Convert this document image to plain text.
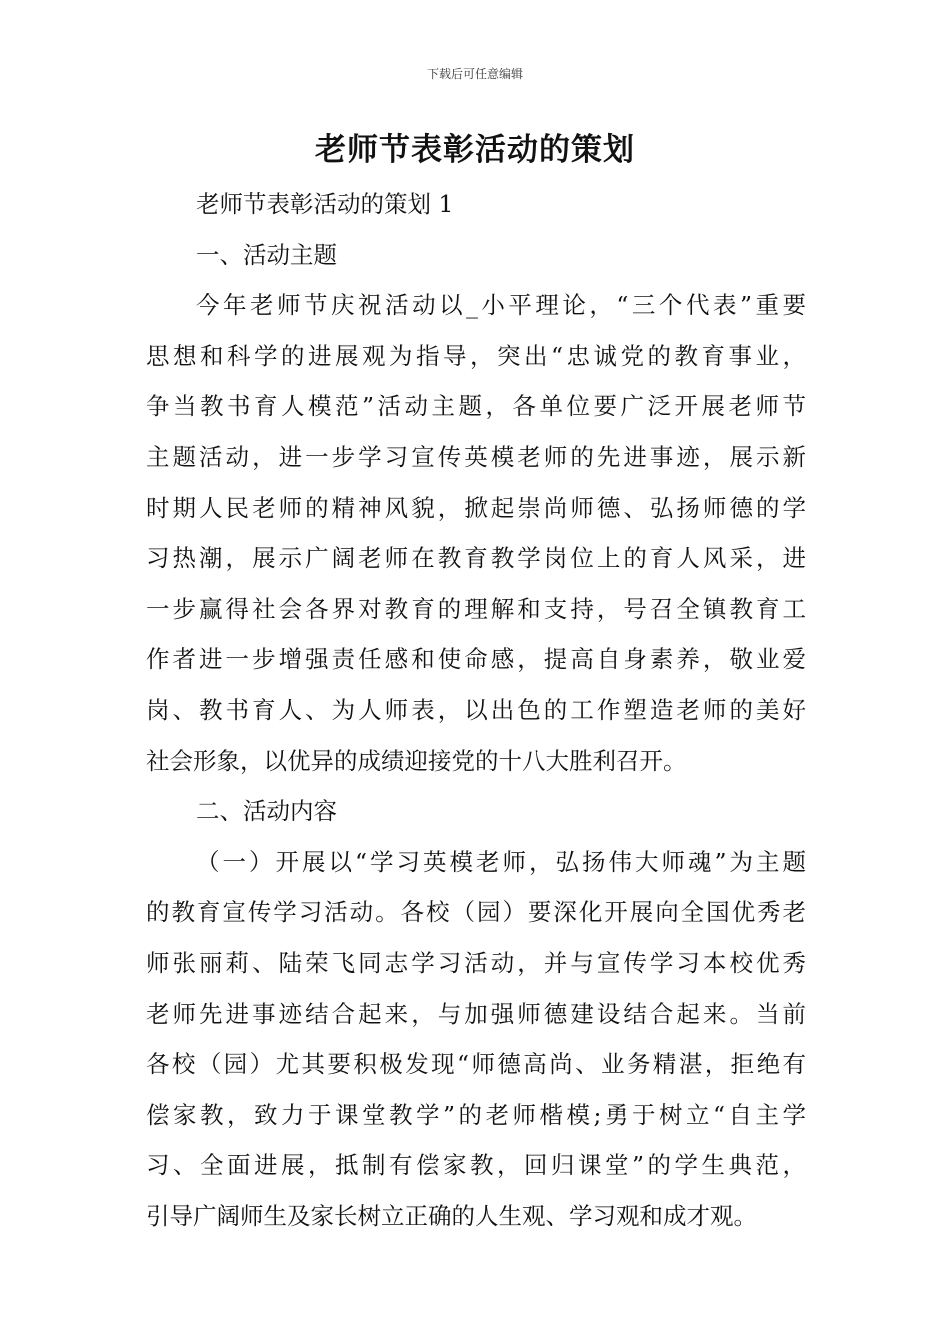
下载后可任意编辑
老师节表彰活动的策划
老师节表彰活动的策划 1
一、活动主题
今年老师节庆祝活动以_小平理论，“三个代表”重要
思想和科学的进展观为指导，突出“忠诚党的教育事业，
争当教书育人模范”活动主题，各单位要广泛开展老师节
主题活动，进一步学习宣传英模老师的先进事迹，展示新
时期人民老师的精神风貌，掀起崇尚师德、弘扬师德的学
习热潮，展示广阔老师在教育教学岗位上的育人风采，进
一步赢得社会各界对教育的理解和支持，号召全镇教育工
作者进一步增强责任感和使命感，提高自身素养，敬业爱
岗、教书育人、为人师表，以出色的工作塑造老师的美好
社会形象，以优异的成绩迎接党的十八大胜利召开。
二、活动内容
（一）开展以“学习英模老师，弘扬伟大师魂”为主题
的教育宣传学习活动。各校（园）要深化开展向全国优秀老
师张丽莉、陆荣飞同志学习活动，并与宣传学习本校优秀
老师先进事迹结合起来，与加强师德建设结合起来。当前
各校（园）尤其要积极发现“师德高尚、业务精湛，拒绝有
偿家教，致力于课堂教学”的老师楷模;勇于树立“自主学
习、全面进展，抵制有偿家教，回归课堂”的学生典范，
引导广阔师生及家长树立正确的人生观、学习观和成才观。
